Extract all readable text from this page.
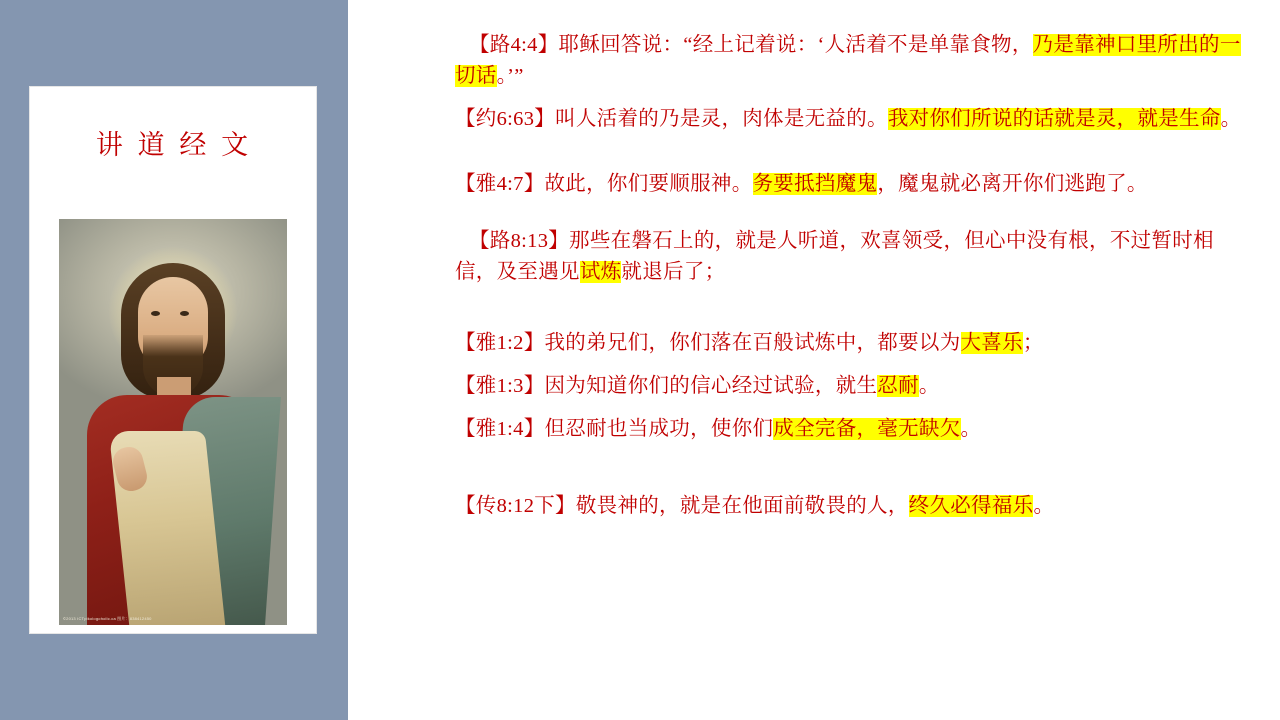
讲 道 经 文
©2013 ICTpikologoholic.ca 图片：838412450

【路4:4】耶稣回答说：“经上记着说：‘人活着不是单靠食物，乃是靠神口里所出的一切话。’”

【约6:63】叫人活着的乃是灵，肉体是无益的。我对你们所说的话就是灵，就是生命。

【雅4:7】故此，你们要顺服神。务要抵挡魔鬼，魔鬼就必离开你们逃跑了。

【路8:13】那些在磐石上的，就是人听道，欢喜领受，但心中没有根，不过暂时相信，及至遇见试炼就退后了；

【雅1:2】我的弟兄们，你们落在百般试炼中，都要以为大喜乐；

【雅1:3】因为知道你们的信心经过试验，就生忍耐。

【雅1:4】但忍耐也当成功，使你们成全完备，毫无缺欠。

【传8:12下】敬畏神的，就是在他面前敬畏的人，终久必得福乐。
